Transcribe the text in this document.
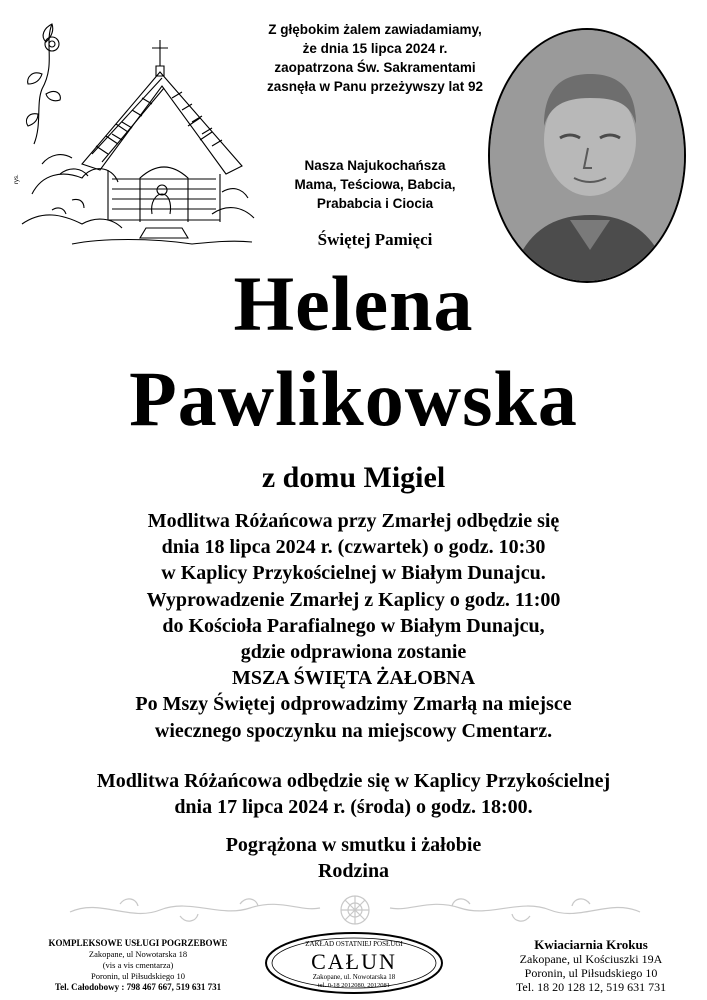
rys.
Z głębokim żalem zawiadamiamy,
że dnia 15 lipca 2024 r.
zaopatrzona Św. Sakramentami
zasnęła w Panu przeżywszy lat 92
Nasza Najukochańsza
Mama, Teściowa, Babcia,
Prababcia i Ciocia
Świętej Pamięci
Helena
Pawlikowska
z domu Migiel
Modlitwa Różańcowa przy Zmarłej odbędzie się
dnia 18 lipca 2024 r. (czwartek) o godz. 10:30
w Kaplicy Przykościelnej w Białym Dunajcu.
Wyprowadzenie Zmarłej z Kaplicy o godz. 11:00
do Kościoła Parafialnego w Białym Dunajcu,
gdzie odprawiona zostanie
MSZA ŚWIĘTA ŻAŁOBNA
Po Mszy Świętej odprowadzimy Zmarłą na miejsce
wiecznego spoczynku na miejscowy Cmentarz.
Modlitwa Różańcowa odbędzie się w Kaplicy Przykościelnej
dnia 17 lipca 2024 r. (środa) o godz. 18:00.
Pogrążona w smutku i żałobie
Rodzina
KOMPLEKSOWE USŁUGI POGRZEBOWE
Zakopane, ul Nowotarska 18
(vis a vis cmentarza)
Poronin, ul Piłsudskiego 10
Tel. Całodobowy : 798 467 667, 519 631 731
ZAKŁAD OSTATNIEJ POSŁUGI
CAŁUN
Zakopane, ul. Nowotarska 18
tel. 0-18 2012080, 2012081
Kwiaciarnia Krokus
Zakopane, ul Kościuszki 19A
Poronin, ul Piłsudskiego 10
Tel. 18 20 128 12, 519 631 731
